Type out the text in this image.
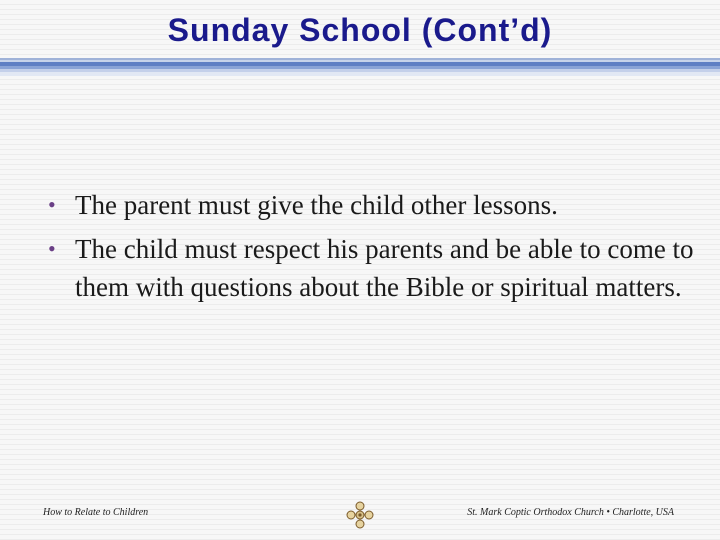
Sunday School (Cont’d)
• The parent must give the child other lessons.
• The child must respect his parents and be able to come to them with questions about the Bible or spiritual matters.
How to Relate to Children	St. Mark Coptic Orthodox Church • Charlotte, USA
